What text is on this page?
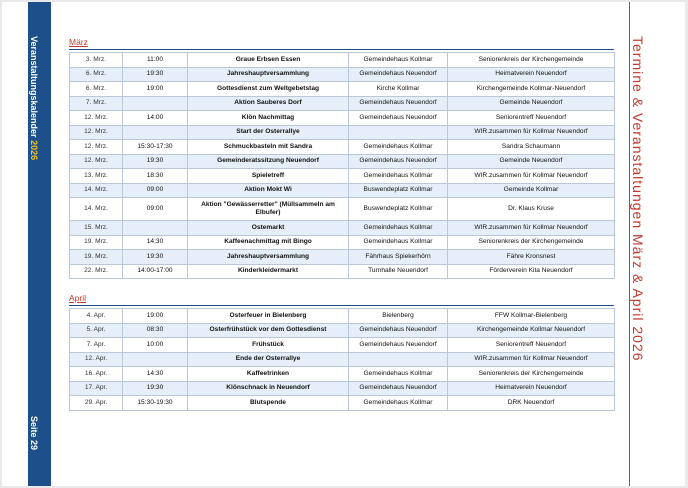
Veranstaltungskalender 2026
Seite 29
Termine & Veranstaltungen März & April 2026
März
3. Mrz.	11:00	Graue Erbsen Essen	Gemeindehaus Kollmar	Seniorenkreis der Kirchengemeinde
6. Mrz.	19:30	Jahreshauptversammlung	Gemeindehaus Neuendorf	Heimatverein Neuendorf
6. Mrz.	19:00	Gottesdienst zum Weltgebetstag	Kirche Kollmar	Kirchengemeinde Kollmar-Neuendorf
7. Mrz.		Aktion Sauberes Dorf	Gemeindehaus Neuendorf	Gemeinde Neuendorf
12. Mrz.	14:00	Klön Nachmittag	Gemeindehaus Neuendorf	Seniorentreff Neuendorf
12. Mrz.		Start der Osterrallye		WIR.zusammen für Kollmar Neuendorf
12. Mrz.	15:30-17:30	Schmuckbasteln mit Sandra	Gemeindehaus Kollmar	Sandra Schaumann
12. Mrz.	19:30	Gemeinderatssitzung Neuendorf	Gemeindehaus Neuendorf	Gemeinde Neuendorf
13. Mrz.	18:30	Spieletreff	Gemeindehaus Kollmar	WIR.zusammen für Kollmar Neuendorf
14. Mrz.	09:00	Aktion Mokt Wi	Buswendeplatz Kollmar	Gemeinde Kollmar
14. Mrz.	09:00	Aktion "Gewässerretter" (Müllsammeln am Elbufer)	Buswendeplatz Kollmar	Dr. Klaus Kruse
15. Mrz.		Ostemarkt	Gemeindehaus Kollmar	WIR.zusammen für Kollmar Neuendorf
19. Mrz.	14:30	Kaffeenachmittag mit Bingo	Gemeindehaus Kollmar	Seniorenkreis der Kirchengemeinde
19. Mrz.	19:30	Jahreshauptversammlung	Fährhaus Spiekerhörn	Fähre Kronsnest
22. Mrz.	14:00-17:00	Kinderkleidermarkt	Turnhalle Neuendorf	Förderverein Kita Neuendorf
April
4. Apr.	19:00	Osterfeuer in Bielenberg	Bielenberg	FFW Kollmar-Bielenberg
5. Apr.	08:30	Osterfrühstück vor dem Gottesdienst	Gemeindehaus Neuendorf	Kirchengemeinde Kollmar Neuendorf
7. Apr.	10:00	Frühstück	Gemeindehaus Neuendorf	Seniorentreff Neuendorf
12. Apr.		Ende der Osterrallye		WIR.zusammen für Kollmar Neuendorf
16. Apr.	14:30	Kaffeetrinken	Gemeindehaus Kollmar	Seniorenkreis der Kirchengemeinde
17. Apr.	19:30	Klönschnack in Neuendorf	Gemeindehaus Neuendorf	Heimatverein Neuendorf
29. Apr.	15:30-19:30	Blutspende	Gemeindehaus Kollmar	DRK Neuendorf
